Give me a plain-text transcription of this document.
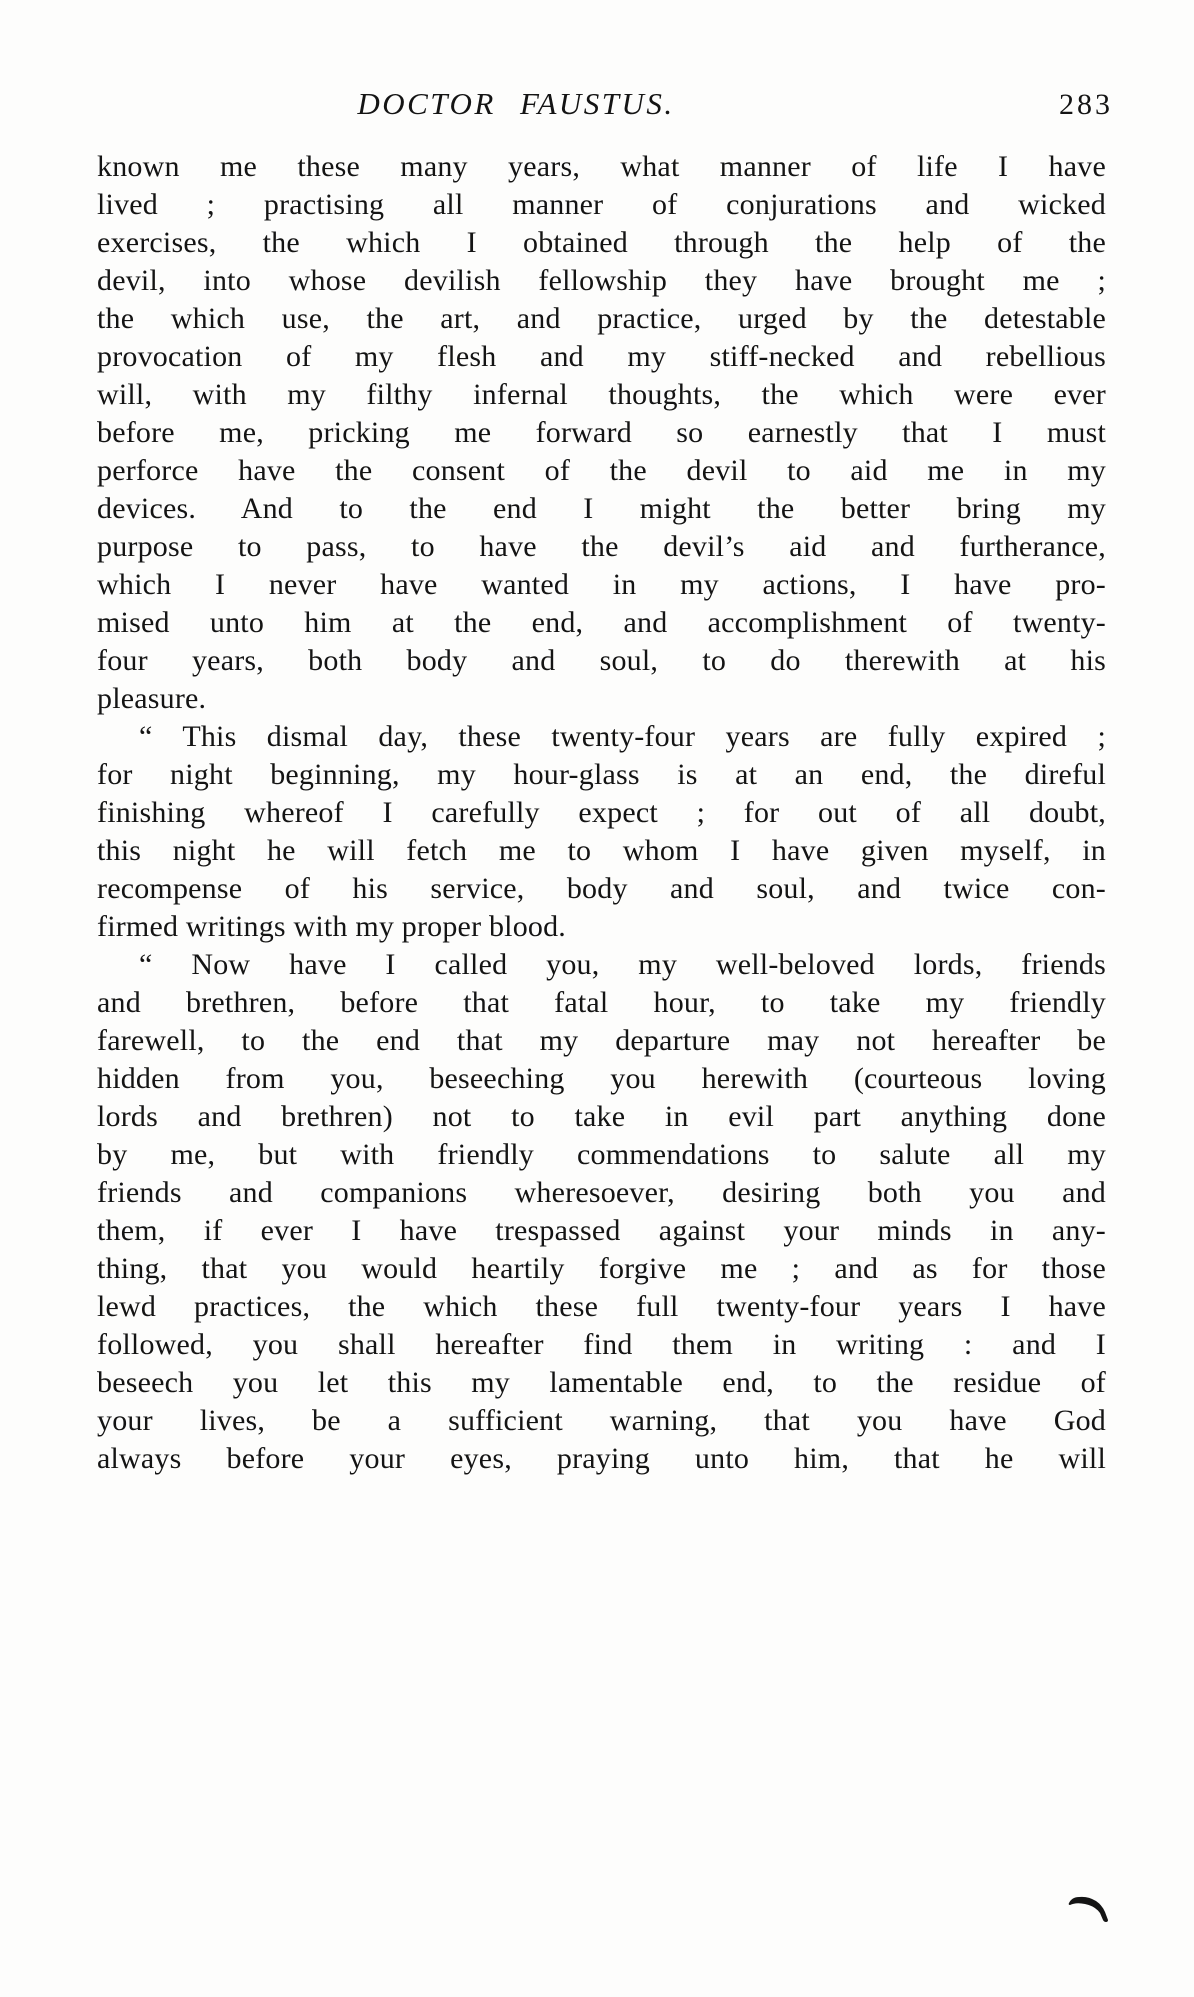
DOCTOR FAUSTUS.	283
known me these many years, what manner of life I have
lived ; practising all manner of conjurations and wicked
exercises, the which I obtained through the help of the
devil, into whose devilish fellowship they have brought me ;
the which use, the art, and practice, urged by the detestable
provocation of my flesh and my stiff-necked and rebellious
will, with my filthy infernal thoughts, the which were ever
before me, pricking me forward so earnestly that I must
perforce have the consent of the devil to aid me in my
devices. And to the end I might the better bring my
purpose to pass, to have the devil’s aid and furtherance,
which I never have wanted in my actions, I have pro-
mised unto him at the end, and accomplishment of twenty-
four years, both body and soul, to do therewith at his
pleasure.
“ This dismal day, these twenty-four years are fully expired ;
for night beginning, my hour-glass is at an end, the direful
finishing whereof I carefully expect ; for out of all doubt,
this night he will fetch me to whom I have given myself, in
recompense of his service, body and soul, and twice con-
firmed writings with my proper blood.
“ Now have I called you, my well-beloved lords, friends
and brethren, before that fatal hour, to take my friendly
farewell, to the end that my departure may not hereafter be
hidden from you, beseeching you herewith (courteous loving
lords and brethren) not to take in evil part anything done
by me, but with friendly commendations to salute all my
friends and companions wheresoever, desiring both you and
them, if ever I have trespassed against your minds in any-
thing, that you would heartily forgive me ; and as for those
lewd practices, the which these full twenty-four years I have
followed, you shall hereafter find them in writing : and I
beseech you let this my lamentable end, to the residue of
your lives, be a sufficient warning, that you have God
always before your eyes, praying unto him, that he will
